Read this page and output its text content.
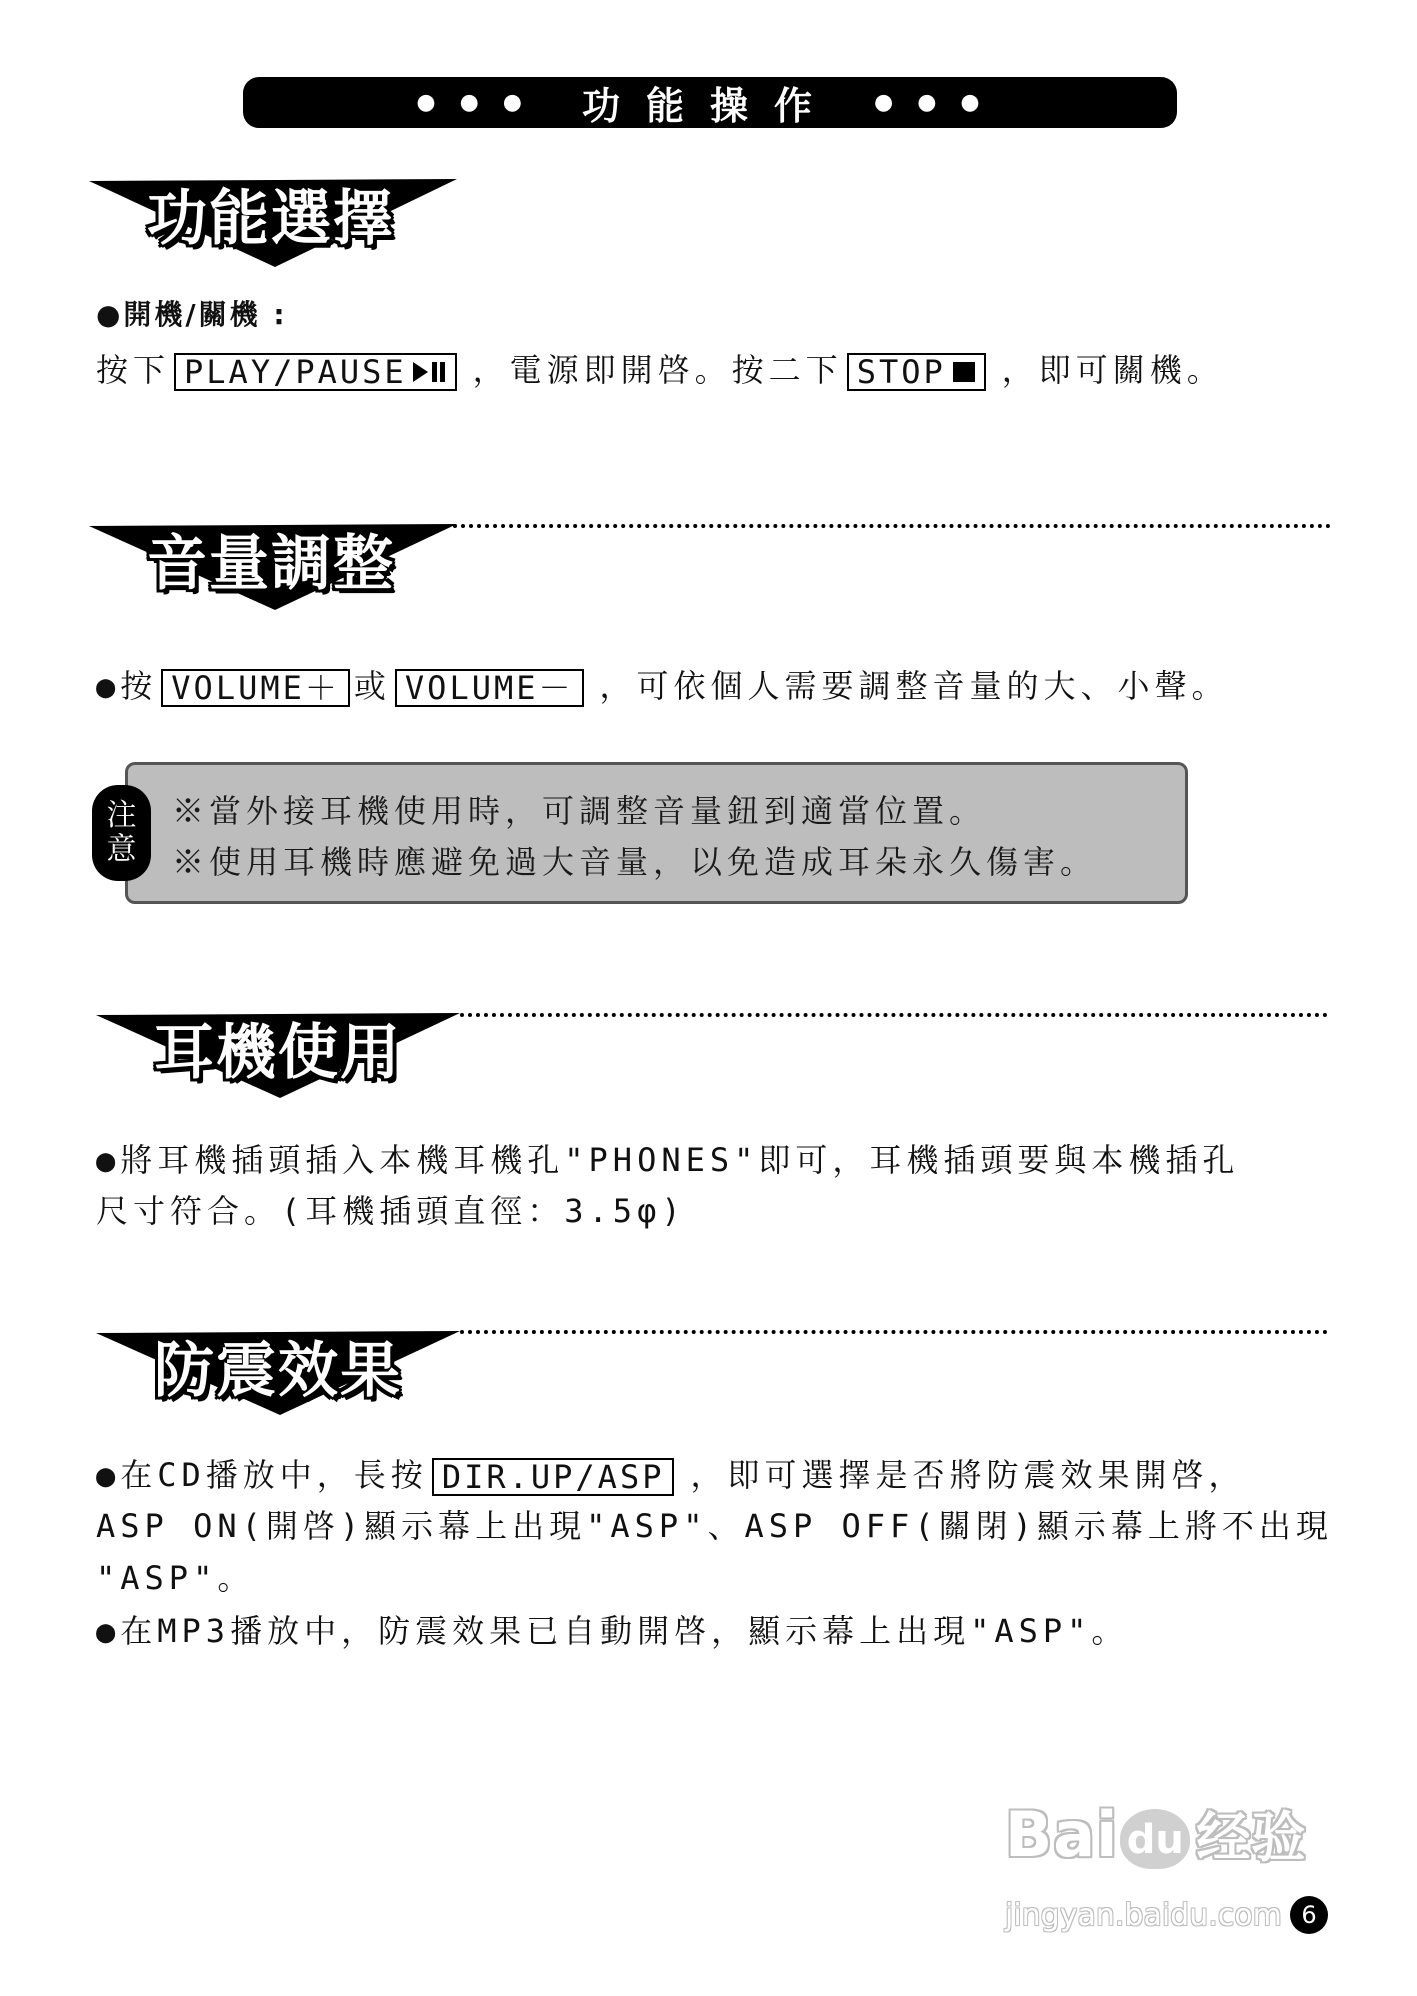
●●● 功能操作 ●●●
功能選擇
●開機/關機 :
按下 PLAY/PAUSE ，電源即開啓。按二下 STOP ，即可關機。
音量調整
●按 VOLUME＋ 或 VOLUME－ ，可依個人需要調整音量的大、小聲。
注
意
※當外接耳機使用時，可調整音量鈕到適當位置。
※使用耳機時應避免過大音量，以免造成耳朵永久傷害。
耳機使用
●將耳機插頭插入本機耳機孔"PHONES"即可，耳機插頭要與本機插孔
尺寸符合。(耳機插頭直徑：3.5φ)
防震效果
●在CD播放中，長按 DIR.UP/ASP ，即可選擇是否將防震效果開啓，
ASP ON(開啓)顯示幕上出現"ASP"、ASP OFF(關閉)顯示幕上將不出現
"ASP"。
●在MP3播放中，防震效果已自動開啓，顯示幕上出現"ASP"。
Bai du 经验
jingyan.baidu.com 6
